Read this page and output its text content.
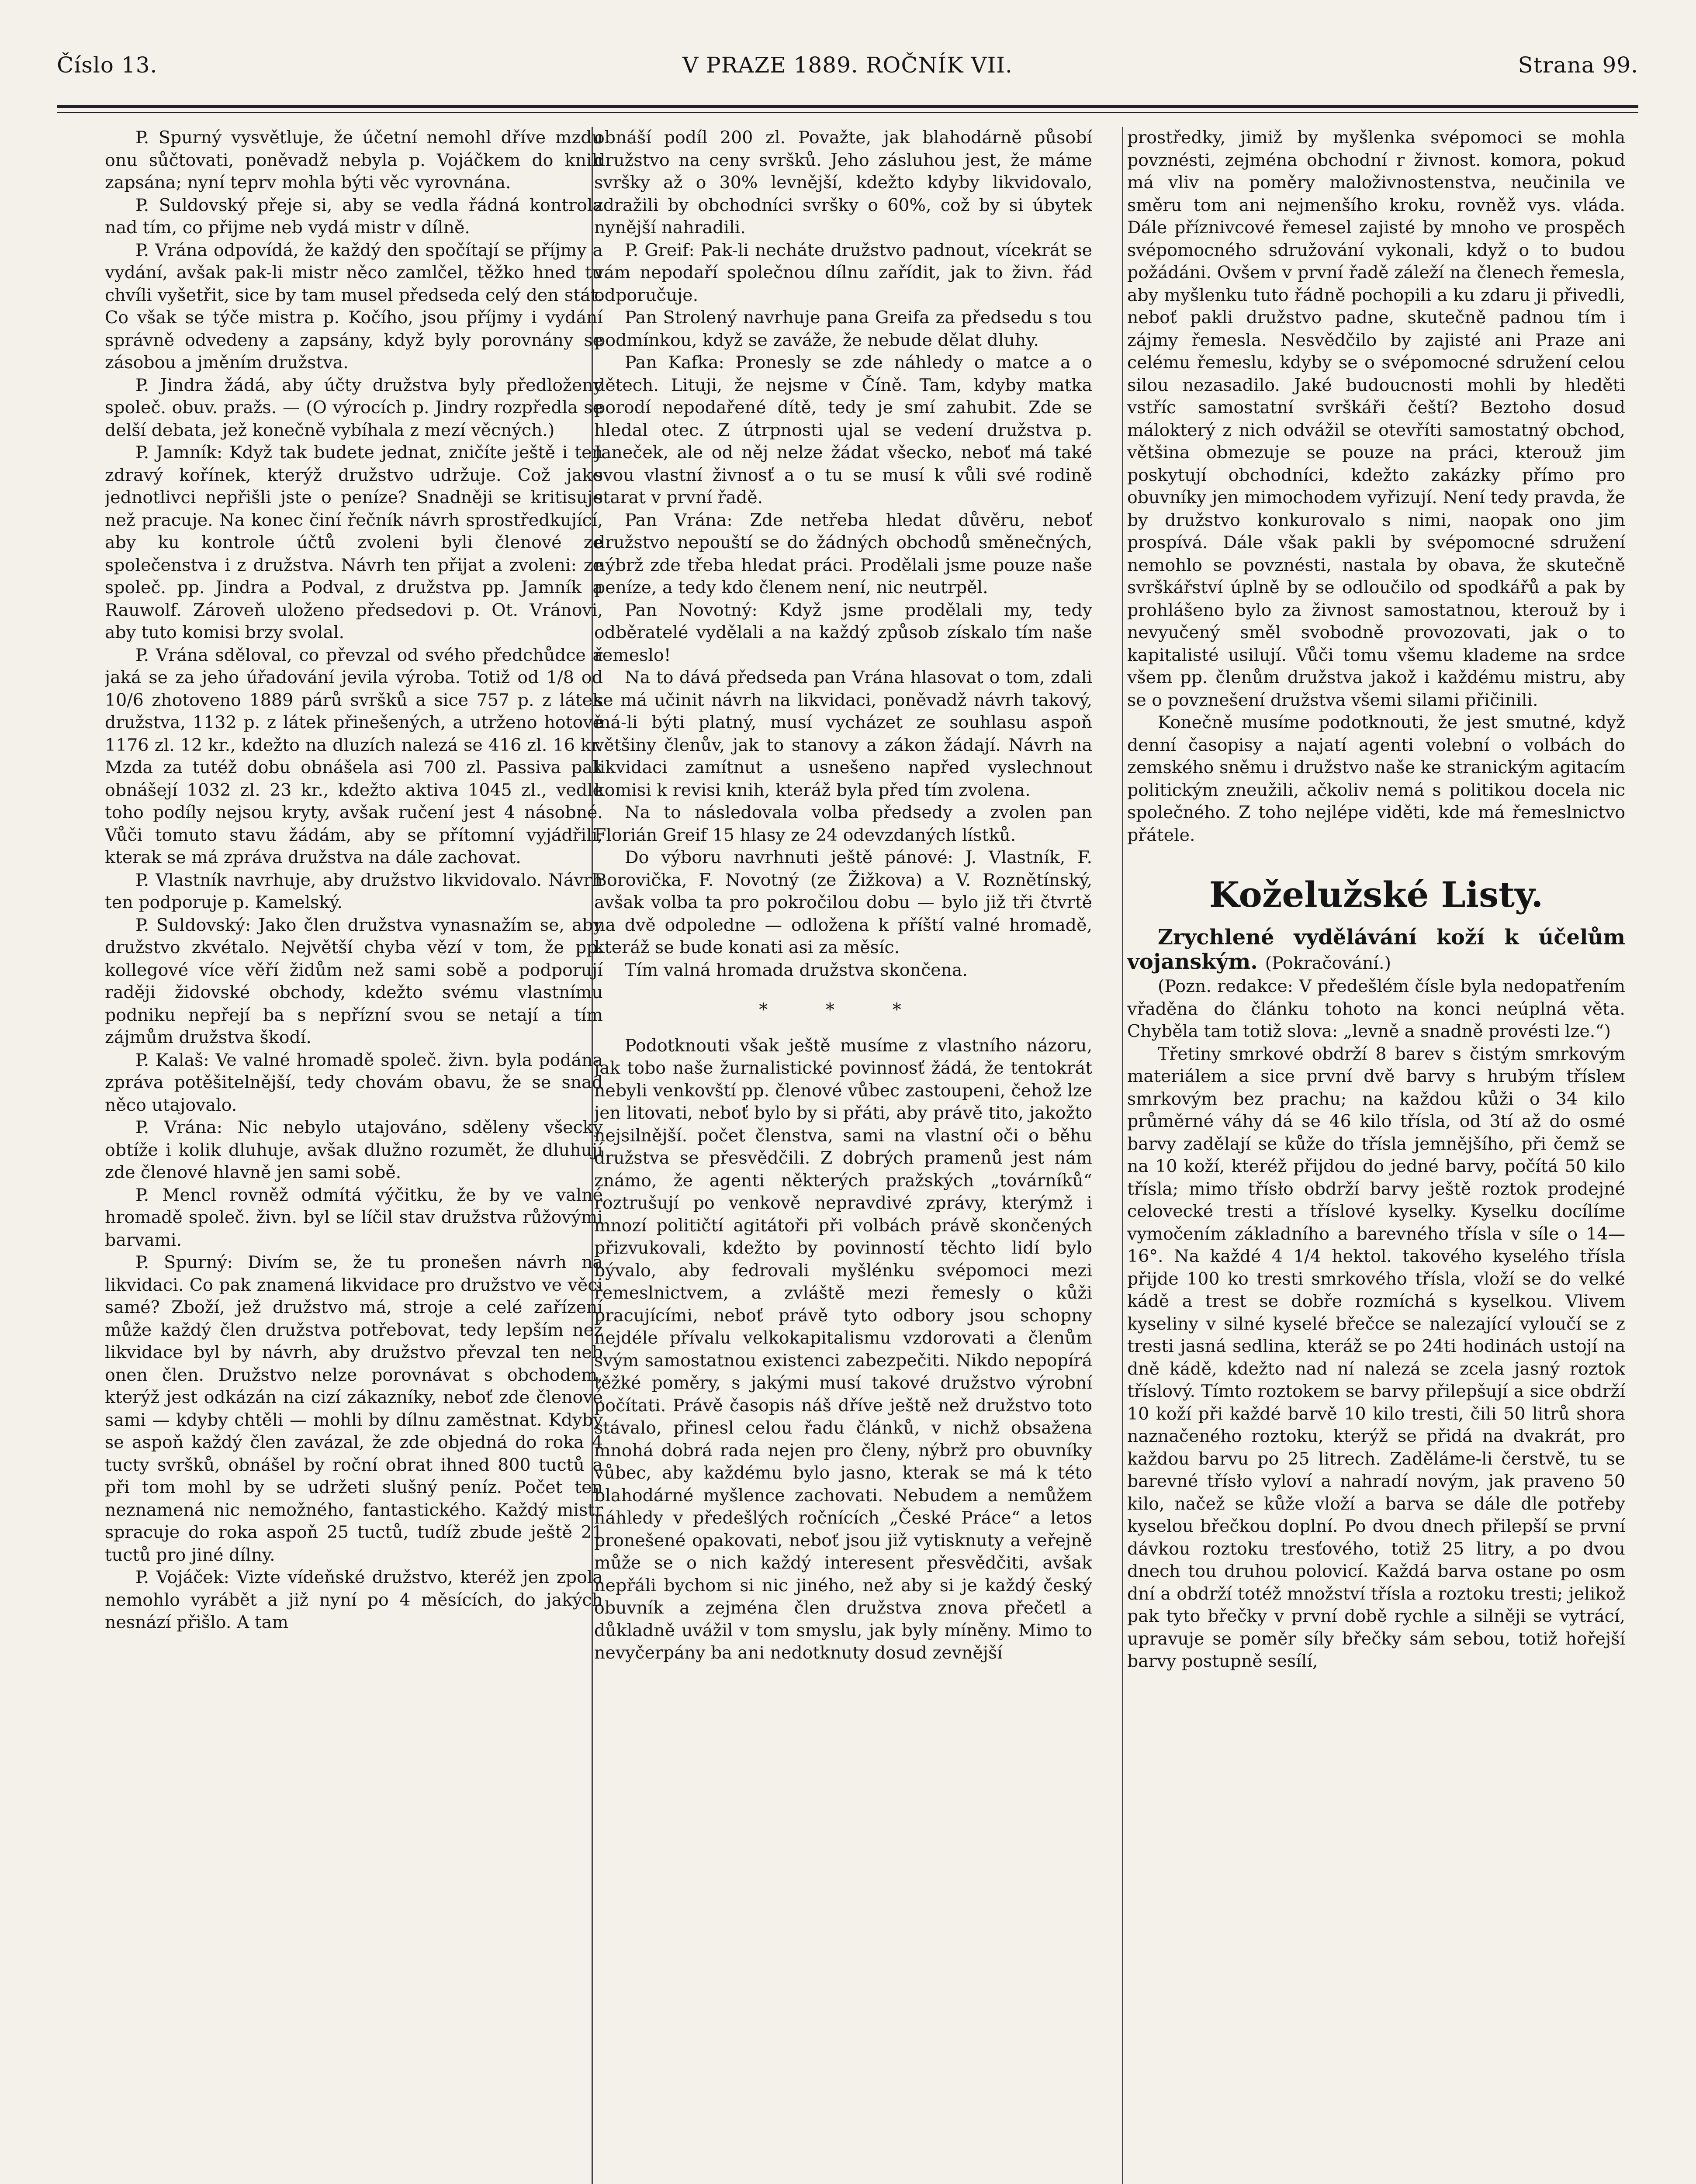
V PRAZE 1889. ROČNÍK VII.
Číslo 13.	Strana 99.

P. Spurný vysvětluje, že účetní nemohl dříve mzdu onu sůčtovati, poněvadž nebyla p. Vojáčkem do knih zapsána; nyní teprv mohla býti věc vyrovnána.

P. Suldovský přeje si, aby se vedla řádná kontrola nad tím, co přijme neb vydá mistr v dílně.

P. Vrána odpovídá, že každý den spočítají se příjmy a vydání, avšak pak-li mistr něco zamlčel, těžko hned tu chvíli vyšetřit, sice by tam musel předseda celý den stát. Co však se týče mistra p. Kočího, jsou příjmy i vydání správně odvedeny a zapsány, když byly porovnány se zásobou a jměním družstva.

P. Jindra žádá, aby účty družstva byly předloženy společ. obuv. pražs. — (O výrocích p. Jindry rozpředla se delší debata, jež konečně vybíhala z mezí věcných.)

P. Jamník: Když tak budete jednat, zničíte ještě i ten zdravý kořínek, kterýž družstvo udržuje. Což jako jednotlivci nepřišli jste o peníze? Snadněji se kritisuje než pracuje. Na konec činí řečník návrh sprostředkující, aby ku kontrole účtů zvoleni byli členové ze společenstva i z družstva. Návrh ten přijat a zvoleni: ze společ. pp. Jindra a Podval, z družstva pp. Jamník a Rauwolf. Zároveň uloženo předsedovi p. Ot. Vránovi, aby tuto komisi brzy svolal.

P. Vrána sděloval, co převzal od svého předchůdce a jaká se za jeho úřadování jevila výroba. Totiž od 1/8 od 10/6 zhotoveno 1889 párů svršků a sice 757 p. z látek družstva, 1132 p. z látek přinešených, a utrženo hotově 1176 zl. 12 kr., kdežto na dluzích nalezá se 416 zl. 16 kr. Mzda za tutéž dobu obnášela asi 700 zl. Passiva pak obnášejí 1032 zl. 23 kr., kdežto aktiva 1045 zl., vedle toho podíly nejsou kryty, avšak ručení jest 4 násobné. Vůči tomuto stavu žádám, aby se přítomní vyjádřili, kterak se má zpráva družstva na dále zachovat.

P. Vlastník navrhuje, aby družstvo likvidovalo. Návrh ten podporuje p. Kamelský.

P. Suldovský: Jako člen družstva vynasnažím se, aby družstvo zkvétalo. Největší chyba vězí v tom, že pp. kollegové více věří židům než sami sobě a podporují raději židovské obchody, kdežto svému vlastnímu podniku nepřejí ba s nepřízní svou se netají a tím zájmům družstva škodí.

P. Kalaš: Ve valné hromadě společ. živn. byla podána zpráva potěšitelnější, tedy chovám obavu, že se snad něco utajovalo.

P. Vrána: Nic nebylo utajováno, sděleny všecky obtíže i kolik dluhuje, avšak dlužno rozumět, že dluhují zde členové hlavně jen sami sobě.

P. Mencl rovněž odmítá výčitku, že by ve valné hromadě společ. živn. byl se líčil stav družstva růžovými barvami.

P. Spurný: Divím se, že tu pronešen návrh na likvidaci. Co pak znamená likvidace pro družstvo ve věci samé? Zboží, jež družstvo má, stroje a celé zařízení může každý člen družstva potřebovat, tedy lepším než likvidace byl by návrh, aby družstvo převzal ten neb onen člen. Družstvo nelze porovnávat s obchodem, kterýž jest odkázán na cizí zákazníky, neboť zde členové sami — kdyby chtěli — mohli by dílnu zaměstnat. Kdyby se aspoň každý člen zavázal, že zde objedná do roka 4 tucty svršků, obnášel by roční obrat ihned 800 tuctů a při tom mohl by se udržeti slušný peníz. Počet ten neznamená nic nemožného, fantastického. Každý mistr spracuje do roka aspoň 25 tuctů, tudíž zbude ještě 21 tuctů pro jiné dílny.

P. Vojáček: Vizte vídeňské družstvo, kteréž jen zpola nemohlo vyrábět a již nyní po 4 měsících, do jakých nesnází přišlo. A tam

obnáší podíl 200 zl. Považte, jak blahodárně působí družstvo na ceny svršků. Jeho zásluhou jest, že máme svršky až o 30% levnější, kdežto kdyby likvidovalo, zdražili by obchodníci svršky o 60%, což by si úbytek nynější nahradili.

P. Greif: Pak-li necháte družstvo padnout, vícekrát se vám nepodaří společnou dílnu zařídit, jak to živn. řád odporučuje.

Pan Strolený navrhuje pana Greifa za předsedu s tou podmínkou, když se zaváže, že nebude dělat dluhy.

Pan Kafka: Pronesly se zde náhledy o matce a o dětech. Lituji, že nejsme v Číně. Tam, kdyby matka porodí nepodařené dítě, tedy je smí zahubit. Zde se hledal otec. Z útrpnosti ujal se vedení družstva p. Janeček, ale od něj nelze žádat všecko, neboť má také svou vlastní živnosť a o tu se musí k vůli své rodině starat v první řadě.

Pan Vrána: Zde netřeba hledat důvěru, neboť družstvo nepouští se do žádných obchodů směnečných, nýbrž zde třeba hledat práci. Prodělali jsme pouze naše peníze, a tedy kdo členem není, nic neutrpěl.

Pan Novotný: Když jsme prodělali my, tedy odběratelé vydělali a na každý způsob získalo tím naše řemeslo!

Na to dává předseda pan Vrána hlasovat o tom, zdali se má učinit návrh na likvidaci, poněvadž návrh takový, má-li býti platný, musí vycházet ze souhlasu aspoň většiny členův, jak to stanovy a zákon žádají. Návrh na likvidaci zamítnut a usnešeno napřed vyslechnout komisi k revisi knih, kteráž byla před tím zvolena.

Na to následovala volba předsedy a zvolen pan Florián Greif 15 hlasy ze 24 odevzdaných lístků.

Do výboru navrhnuti ještě pánové: J. Vlastník, F. Borovička, F. Novotný (ze Žižkova) a V. Roznětínský, avšak volba ta pro pokročilou dobu — bylo již tři čtvrtě na dvě odpoledne — odložena k příští valné hromadě, kteráž se bude konati asi za měsíc.

Tím valná hromada družstva skončena.

* * *

Podotknouti však ještě musíme z vlastního názoru, jak tobo naše žurnalistické povinnosť žádá, že tentokrát nebyli venkovští pp. členové vůbec zastoupeni, čehož lze jen litovati, neboť bylo by si přáti, aby právě tito, jakožto nejsilnější. počet členstva, sami na vlastní oči o běhu družstva se přesvědčili. Z dobrých pramenů jest nám známo, že agenti některých pražských „továrníků“ roztrušují po venkově nepravdivé zprávy, kterýmž i mnozí političtí agitátoři při volbách právě skončených přizvukovali, kdežto by povinností těchto lidí bylo bývalo, aby fedrovali myšlénku svépomoci mezi řemeslnictvem, a zvláště mezi řemesly o kůži pracujícími, neboť právě tyto odbory jsou schopny nejdéle přívalu velkokapitalismu vzdorovati a členům svým samostatnou existenci zabezpečiti. Nikdo nepopírá těžké poměry, s jakými musí takové družstvo výrobní počítati. Právě časopis náš dříve ještě než družstvo toto stávalo, přinesl celou řadu článků, v nichž obsažena mnohá dobrá rada nejen pro členy, nýbrž pro obuvníky vůbec, aby každému bylo jasno, kterak se má k této blahodárné myšlence zachovati. Nebudem a nemůžem náhledy v předešlých ročnících „České Práce“ a letos pronešené opakovati, neboť jsou již vytisknuty a veřejně může se o nich každý interesent přesvědčiti, avšak nepřáli bychom si nic jiného, než aby si je každý český obuvník a zejména člen družstva znova přečetl a důkladně uvážil v tom smyslu, jak byly míněny. Mimo to nevyčerpány ba ani nedotknuty dosud zevnější

prostředky, jimiž by myšlenka svépomoci se mohla povznésti, zejména obchodní r živnost. komora, pokud má vliv na poměry maloživnostenstva, neučinila ve směru tom ani nejmenšího kroku, rovněž vys. vláda. Dále příznivcové řemesel zajisté by mnoho ve prospěch svépomocného sdružování vykonali, když o to budou požádáni. Ovšem v první řadě záleží na členech řemesla, aby myšlenku tuto řádně pochopili a ku zdaru ji přivedli, neboť pakli družstvo padne, skutečně padnou tím i zájmy řemesla. Nesvědčilo by zajisté ani Praze ani celému řemeslu, kdyby se o svépomocné sdružení celou silou nezasadilo. Jaké budoucnosti mohli by hleděti vstříc samostatní svrškáři čeští? Beztoho dosud málokterý z nich odvážil se otevříti samostatný obchod, většina obmezuje se pouze na práci, kterouž jim poskytují obchodníci, kdežto zakázky přímo pro obuvníky jen mimochodem vyřizují. Není tedy pravda, že by družstvo konkurovalo s nimi, naopak ono jim prospívá. Dále však pakli by svépomocné sdružení nemohlo se povznésti, nastala by obava, že skutečně svrškářství úplně by se odloučilo od spodkářů a pak by prohlášeno bylo za živnost samostatnou, kterouž by i nevyučený směl svobodně provozovati, jak o to kapitalisté usilují. Vůči tomu všemu klademe na srdce všem pp. členům družstva jakož i každému mistru, aby se o povznešení družstva všemi silami přičinili.

Konečně musíme podotknouti, že jest smutné, když denní časopisy a najatí agenti volební o volbách do zemského sněmu i družstvo naše ke stranickým agitacím politickým zneužili, ačkoliv nemá s politikou docela nic společného. Z toho nejlépe viděti, kde má řemeslnictvo přátele.

Koželužské Listy.

Zrychlené vydělávání koží k účelům vojanským. (Pokračování.)

(Pozn. redakce: V předešlém čísle byla nedopatřením vřaděna do článku tohoto na konci neúplná věta. Chyběla tam totiž slova: „levně a snadně provésti lze.“)

Třetiny smrkové obdrží 8 barev s čistým smrkovým materiálem a sice první dvě barvy s hrubým třísleм smrkovým bez prachu; na každou kůži o 34 kilo průměrné váhy dá se 46 kilo třísla, od 3tí až do osmé barvy zadělají se kůže do třísla jemnějšího, při čemž se na 10 koží, kteréž přijdou do jedné barvy, počítá 50 kilo třísla; mimo třísło obdrží barvy ještě roztok prodejné celovecké tresti a tříslové kyselky. Kyselku docílíme vymočením základního a barevného třísla v síle o 14—16°. Na každé 4 1/4 hektol. takového kyselého třísla přijde 100 ko tresti smrkového třísla, vloží se do velké kádě a trest se dobře rozmíchá s kyselkou. Vlivem kyseliny v silné kyselé břečce se nalezající vyloučí se z tresti jasná sedlina, kteráž se po 24ti hodinách ustojí na dně kádě, kdežto nad ní nalezá se zcela jasný roztok tříslový. Tímto roztokem se barvy přilepšují a sice obdrží 10 koží při každé barvě 10 kilo tresti, čili 50 litrů shora naznačeného roztoku, kterýž se přidá na dvakrát, pro každou barvu po 25 litrech. Zaděláme-li čerstvě, tu se barevné třísło vyloví a nahradí novým, jak praveno 50 kilo, načež se kůže vloží a barva se dále dle potřeby kyselou břečkou doplní. Po dvou dnech přilepší se první dávkou roztoku tresťového, totiž 25 litry, a po dvou dnech tou druhou polovicí. Každá barva ostane po osm dní a obdrží totéž množství třísla a roztoku tresti; jelikož pak tyto břečky v první době rychle a silněji se vytrácí, upravuje se poměr síly břečky sám sebou, totiž hořejší barvy postupně sesílí,
